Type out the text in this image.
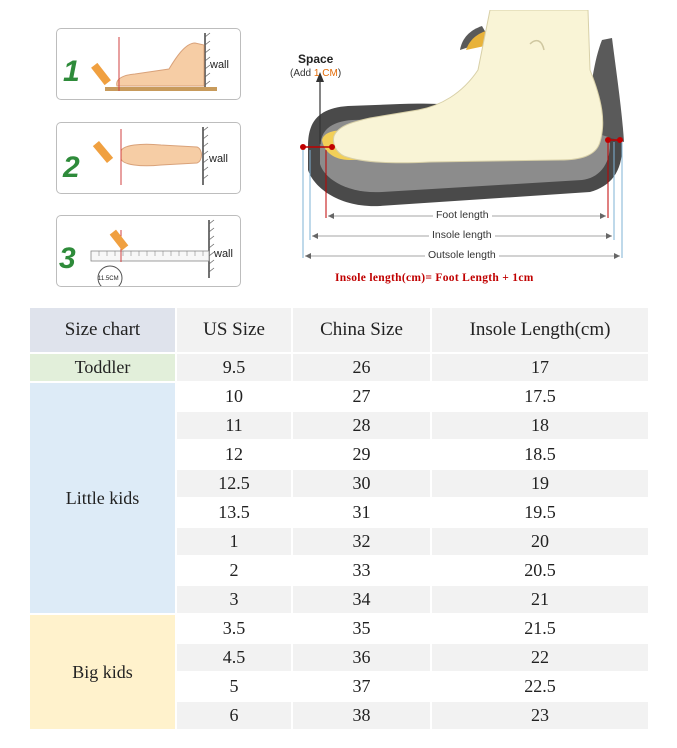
1	wall
2	wall
3
11.5CM
wall
Space
(Add 1 CM)
Foot length
Insole length
Outsole length
Insole length(cm)= Foot Length + 1cm
Size chart	US Size	China Size	Insole Length(cm)
Toddler	9.5	26	17
Little kids	10	27	17.5
	11	28	18
	12	29	18.5
	12.5	30	19
	13.5	31	19.5
	1	32	20
	2	33	20.5
	3	34	21
Big kids	3.5	35	21.5
	4.5	36	22
	5	37	22.5
	6	38	23
